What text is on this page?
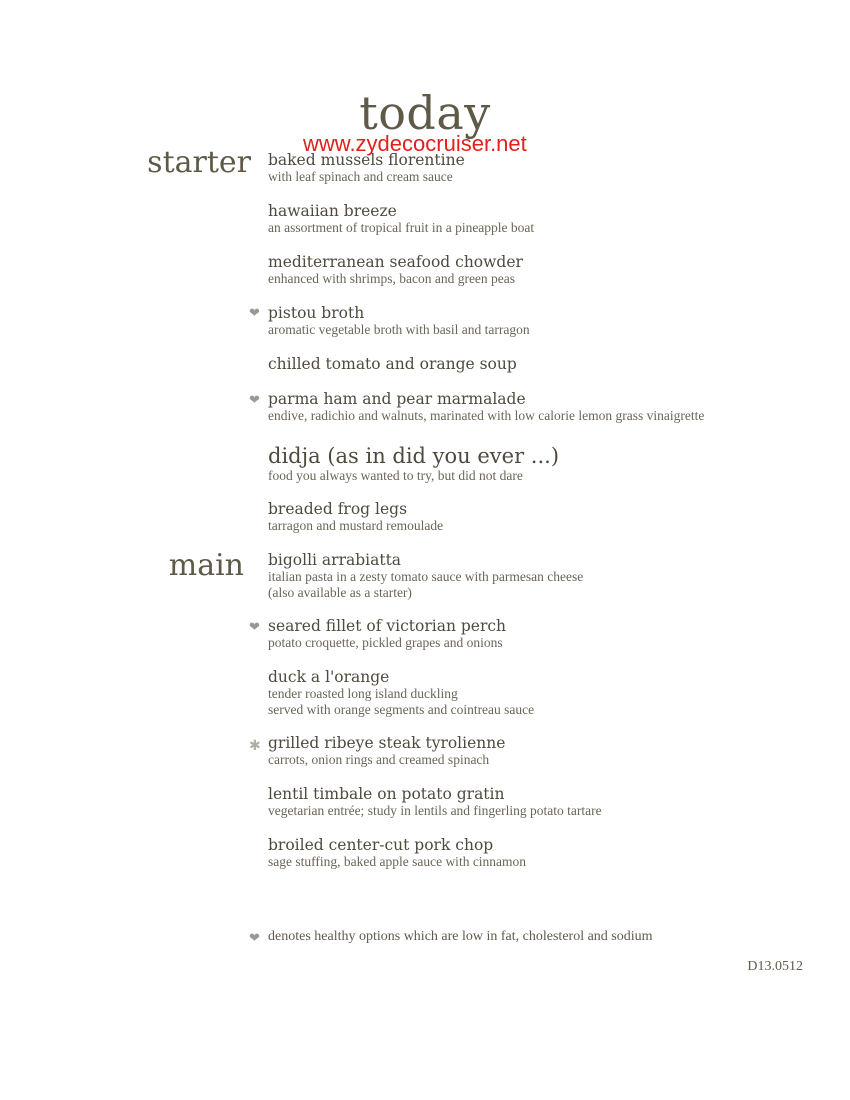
today
www.zydecocruiser.net
starter
main
baked mussels florentine
with leaf spinach and cream sauce
hawaiian breeze
an assortment of tropical fruit in a pineapple boat
mediterranean seafood chowder
enhanced with shrimps, bacon and green peas
❤ pistou broth
aromatic vegetable broth with basil and tarragon
chilled tomato and orange soup
❤ parma ham and pear marmalade
endive, radichio and walnuts, marinated with low calorie lemon grass vinaigrette
didja (as in did you ever ...)
food you always wanted to try, but did not dare
breaded frog legs
tarragon and mustard remoulade
bigolli arrabiatta
italian pasta in a zesty tomato sauce with parmesan cheese
(also available as a starter)
❤ seared fillet of victorian perch
potato croquette, pickled grapes and onions
duck a l'orange
tender roasted long island duckling
served with orange segments and cointreau sauce
✱ grilled ribeye steak tyrolienne
carrots, onion rings and creamed spinach
lentil timbale on potato gratin
vegetarian entrée; study in lentils and fingerling potato tartare
broiled center-cut pork chop
sage stuffing, baked apple sauce with cinnamon
❤ denotes healthy options which are low in fat, cholesterol and sodium
D13.0512
